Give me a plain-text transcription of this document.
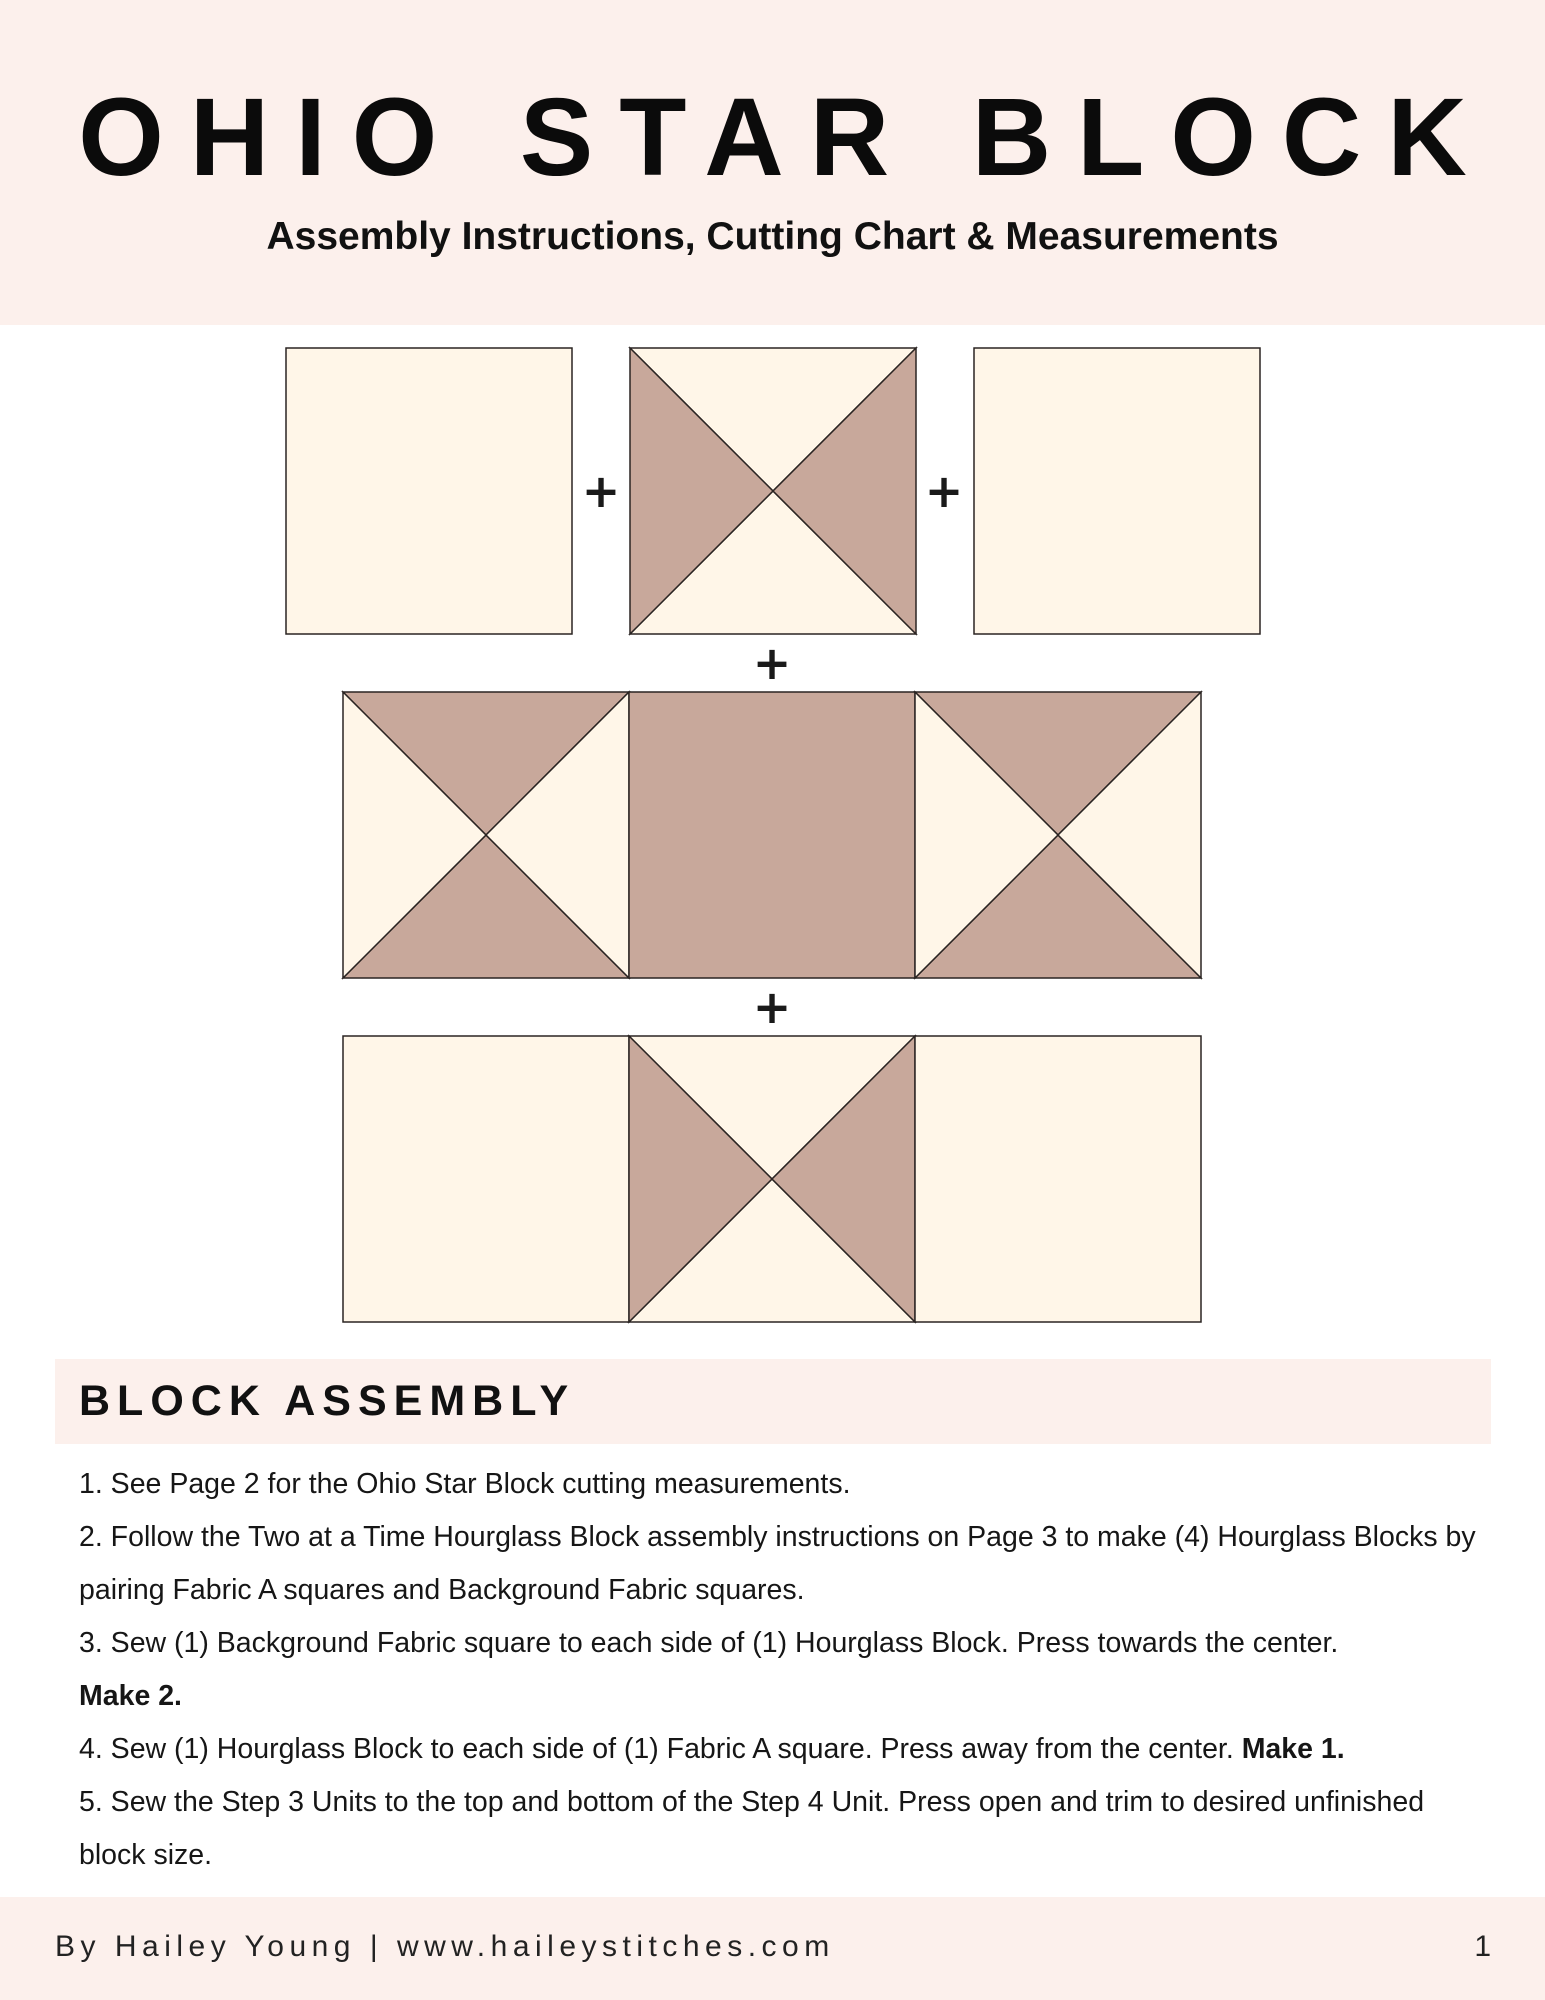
OHIO STAR BLOCK
Assembly Instructions, Cutting Chart & Measurements
+	+
+
+
BLOCK ASSEMBLY

1. See Page 2 for the Ohio Star Block cutting measurements.

2. Follow the Two at a Time Hourglass Block assembly instructions on Page 3 to make (4) Hourglass Blocks by pairing Fabric A squares and Background Fabric squares.

3. Sew (1) Background Fabric square to each side of (1) Hourglass Block. Press towards the center.
Make 2.

4. Sew (1) Hourglass Block to each side of (1) Fabric A square. Press away from the center. Make 1.

5. Sew the Step 3 Units to the top and bottom of the Step 4 Unit. Press open and trim to desired unfinished block size.

By Hailey Young | www.haileystitches.com	1
